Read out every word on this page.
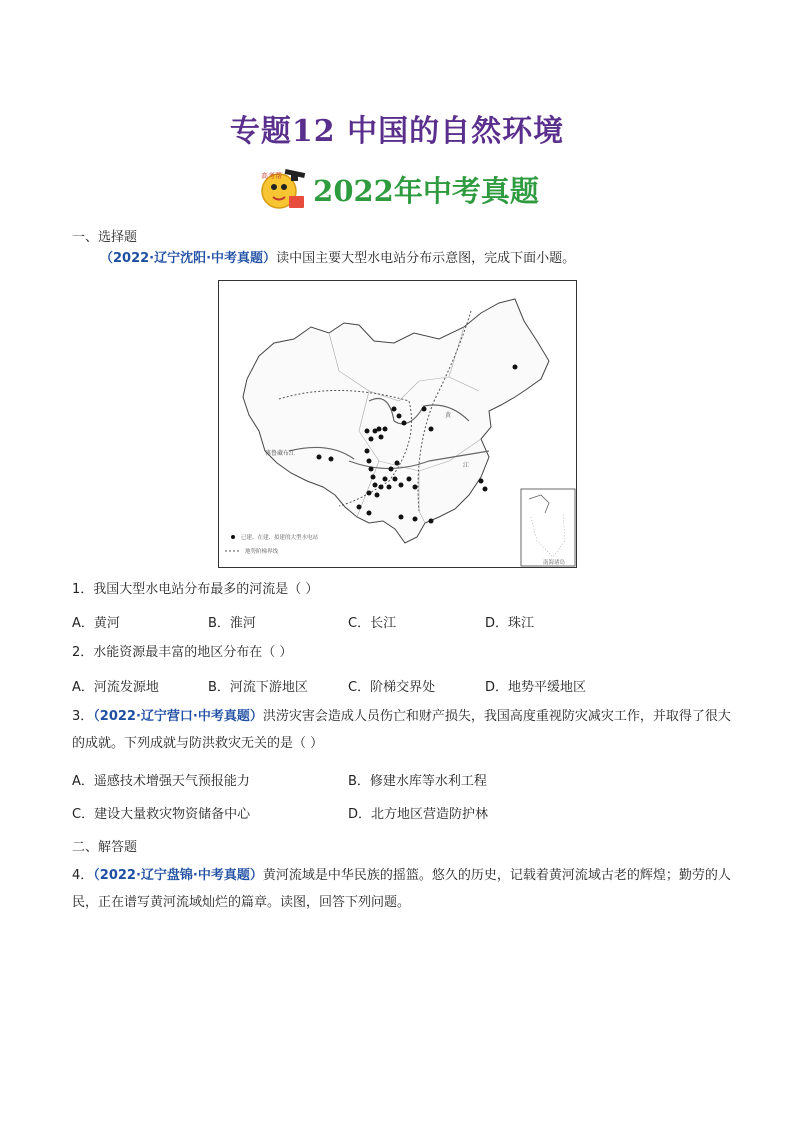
专题12 中国的自然环境
高考帮 2022年中考真题
一、选择题
（2022·辽宁沈阳·中考真题）读中国主要大型水电站分布示意图，完成下面小题。
雅鲁藏布江
黄
江
已建、在建、拟建的大型水电站
地势阶梯界线
南海诸岛
1．我国大型水电站分布最多的河流是（ ）
A．黄河	B．淮河	C．长江	D．珠江
2．水能资源最丰富的地区分布在（ ）
A．河流发源地	B．河流下游地区	C．阶梯交界处	D．地势平缓地区
3．（2022·辽宁营口·中考真题）洪涝灾害会造成人员伤亡和财产损失，我国高度重视防灾减灾工作，并取得了很大的成就。下列成就与防洪救灾无关的是（ ）
A．遥感技术增强天气预报能力	B．修建水库等水利工程
C．建设大量救灾物资储备中心	D．北方地区营造防护林
二、解答题
4．（2022·辽宁盘锦·中考真题）黄河流域是中华民族的摇篮。悠久的历史，记载着黄河流域古老的辉煌；勤劳的人民，正在谱写黄河流域灿烂的篇章。读图，回答下列问题。
